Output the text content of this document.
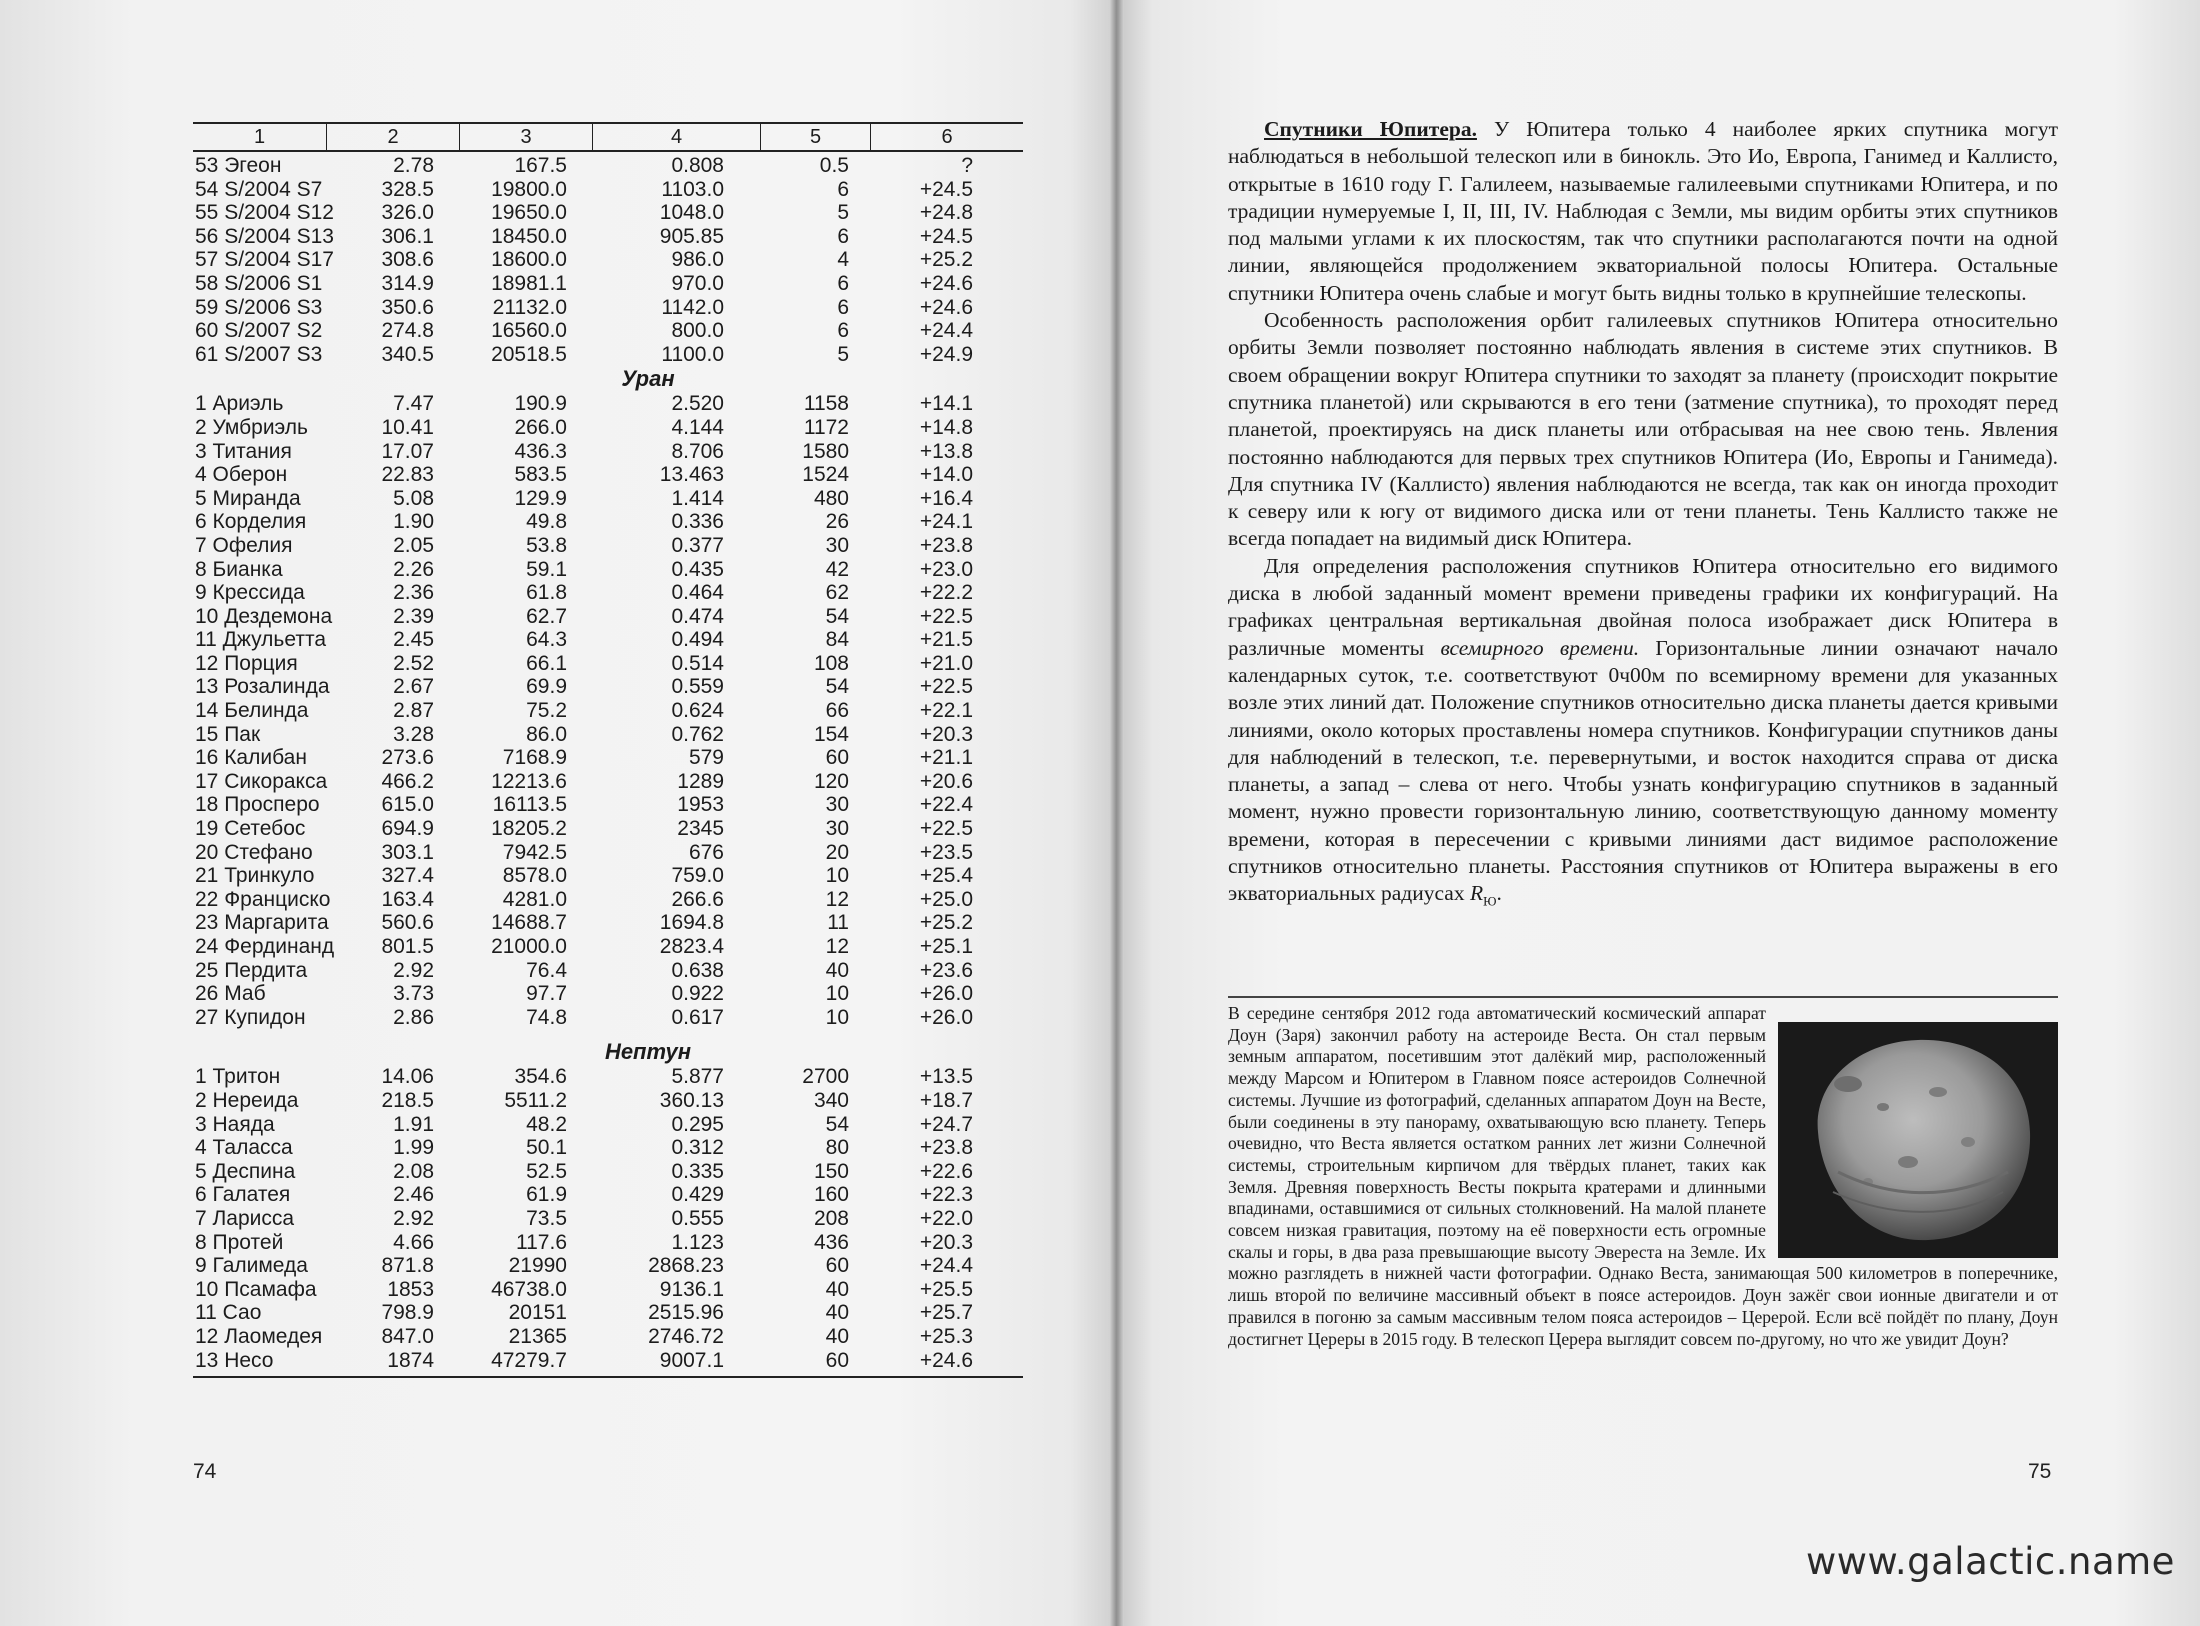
1	2	3	4	5	6
53 Эгеон	2.78	167.5	0.808	0.5	?
54 S/2004 S7	328.5	19800.0	1103.0	6	+24.5
55 S/2004 S12	326.0	19650.0	1048.0	5	+24.8
56 S/2004 S13	306.1	18450.0	905.85	6	+24.5
57 S/2004 S17	308.6	18600.0	986.0	4	+25.2
58 S/2006 S1	314.9	18981.1	970.0	6	+24.6
59 S/2006 S3	350.6	21132.0	1142.0	6	+24.6
60 S/2007 S2	274.8	16560.0	800.0	6	+24.4
61 S/2007 S3	340.5	20518.5	1100.0	5	+24.9
Уран
1 Ариэль	7.47	190.9	2.520	1158	+14.1
2 Умбриэль	10.41	266.0	4.144	1172	+14.8
3 Титания	17.07	436.3	8.706	1580	+13.8
4 Оберон	22.83	583.5	13.463	1524	+14.0
5 Миранда	5.08	129.9	1.414	480	+16.4
6 Корделия	1.90	49.8	0.336	26	+24.1
7 Офелия	2.05	53.8	0.377	30	+23.8
8 Бианка	2.26	59.1	0.435	42	+23.0
9 Крессида	2.36	61.8	0.464	62	+22.2
10 Дездемона	2.39	62.7	0.474	54	+22.5
11 Джульетта	2.45	64.3	0.494	84	+21.5
12 Порция	2.52	66.1	0.514	108	+21.0
13 Розалинда	2.67	69.9	0.559	54	+22.5
14 Белинда	2.87	75.2	0.624	66	+22.1
15 Пак	3.28	86.0	0.762	154	+20.3
16 Калибан	273.6	7168.9	579	60	+21.1
17 Сикоракса	466.2	12213.6	1289	120	+20.6
18 Просперо	615.0	16113.5	1953	30	+22.4
19 Сетебос	694.9	18205.2	2345	30	+22.5
20 Стефано	303.1	7942.5	676	20	+23.5
21 Тринкуло	327.4	8578.0	759.0	10	+25.4
22 Франциско	163.4	4281.0	266.6	12	+25.0
23 Маргарита	560.6	14688.7	1694.8	11	+25.2
24 Фердинанд	801.5	21000.0	2823.4	12	+25.1
25 Пердита	2.92	76.4	0.638	40	+23.6
26 Маб	3.73	97.7	0.922	10	+26.0
27 Купидон	2.86	74.8	0.617	10	+26.0
Нептун
1 Тритон	14.06	354.6	5.877	2700	+13.5
2 Нереида	218.5	5511.2	360.13	340	+18.7
3 Наяда	1.91	48.2	0.295	54	+24.7
4 Таласса	1.99	50.1	0.312	80	+23.8
5 Деспина	2.08	52.5	0.335	150	+22.6
6 Галатея	2.46	61.9	0.429	160	+22.3
7 Ларисса	2.92	73.5	0.555	208	+22.0
8 Протей	4.66	117.6	1.123	436	+20.3
9 Галимеда	871.8	21990	2868.23	60	+24.4
10 Псамафа	1853	46738.0	9136.1	40	+25.5
11 Сао	798.9	20151	2515.96	40	+25.7
12 Лаомедея	847.0	21365	2746.72	40	+25.3
13 Несо	1874	47279.7	9007.1	60	+24.6
74

Спутники Юпитера. У Юпитера только 4 наиболее ярких спутника могут наблюдаться в небольшой телескоп или в бинокль. Это Ио, Европа, Ганимед и Каллисто, открытые в 1610 году Г. Галилеем, называемые галилеевыми спутниками Юпитера, и по традиции нумеруемые I, II, III, IV. Наблюдая с Земли, мы видим орбиты этих спутников под малыми углами к их плоскостям, так что спутники располагаются почти на одной линии, являющейся продолжением экваториальной полосы Юпитера. Остальные спутники Юпитера очень слабые и могут быть видны только в крупнейшие телескопы.

Особенность расположения орбит галилеевых спутников Юпитера относительно орбиты Земли позволяет постоянно наблюдать явления в системе этих спутников. В своем обращении вокруг Юпитера спутники то заходят за планету (происходит покрытие спутника планетой) или скрываются в его тени (затмение спутника), то проходят перед планетой, проектируясь на диск планеты или отбрасывая на нее свою тень. Явления постоянно наблюдаются для первых трех спутников Юпитера (Ио, Европы и Ганимеда). Для спутника IV (Каллисто) явления наблюдаются не всегда, так как он иногда проходит к северу или к югу от видимого диска или от тени планеты. Тень Каллисто также не всегда попадает на видимый диск Юпитера.

Для определения расположения спутников Юпитера относительно его видимого диска в любой заданный момент времени приведены графики их конфигураций. На графиках центральная вертикальная двойная полоса изображает диск Юпитера в различные моменты всемирного времени. Горизонтальные линии означают начало календарных суток, т.е. соответствуют 0ч00м по всемирному времени для указанных возле этих линий дат. Положение спутников относительно диска планеты дается кривыми линиями, около которых проставлены номера спутников. Конфигурации спутников даны для наблюдений в телескоп, т.е. перевернутыми, и восток находится справа от диска планеты, а запад – слева от него. Чтобы узнать конфигурацию спутников в заданный момент, нужно провести горизонтальную линию, соответствующую данному моменту времени, которая в пересечении с кривыми линиями даст видимое расположение спутников относительно планеты. Расстояния спутников от Юпитера выражены в его экваториальных радиусах $R_Ю$.

В середине сентября 2012 года автоматический космический аппарат Доун (Заря) закончил работу на астероиде Веста. Он стал первым земным аппаратом, посетившим этот далёкий мир, расположенный между Марсом и Юпитером в Главном поясе астероидов Солнечной системы. Лучшие из фотографий, сделанных аппаратом Доун на Весте, были соединены в эту панораму, охватывающую всю планету. Теперь очевидно, что Веста является остатком ранних лет жизни Солнечной системы, строительным кирпичом для твёрдых планет, таких как Земля. Древняя поверхность Весты покрыта кратерами и длинными впадинами, оставшимися от сильных столкновений. На малой планете совсем низкая гравитация, поэтому на её поверхности есть огромные скалы и горы, в два раза превышающие высоту Эвереста на Земле. Их можно разглядеть в нижней части фотографии. Однако Веста, занимающая 500 километров в поперечнике, лишь второй по величине массивный объект в поясе астероидов. Доун зажёг свои ионные двигатели и от правился в погоню за самым массивным телом пояса астероидов – Церерой. Если всё пойдёт по плану, Доун достигнет Цереры в 2015 году. В телескоп Церера выглядит совсем по-другому, но что же увидит Доун?
75
www.galactic.name
